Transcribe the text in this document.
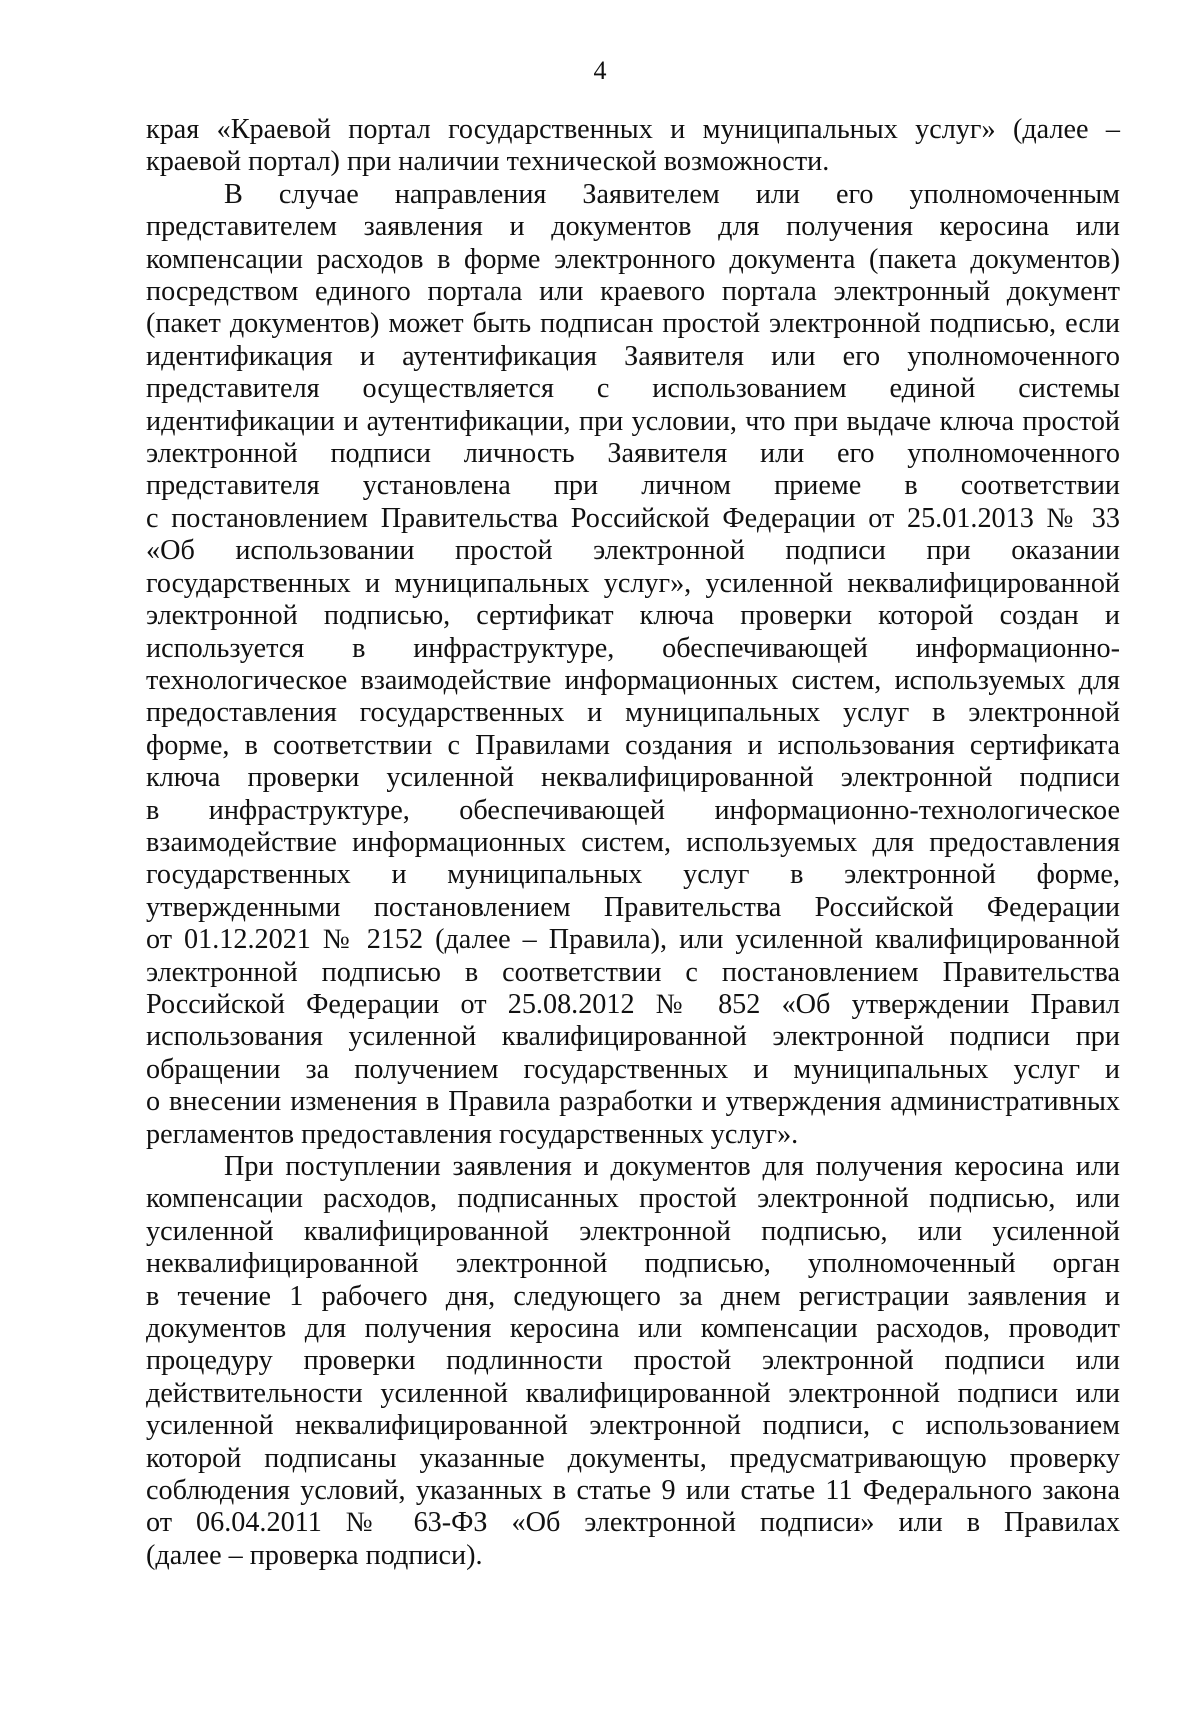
4
края «Краевой портал государственных и муниципальных услуг» (далее –
краевой портал) при наличии технической возможности.
В случае направления Заявителем или его уполномоченным
представителем заявления и документов для получения керосина или
компенсации расходов в форме электронного документа (пакета документов)
посредством единого портала или краевого портала электронный документ
(пакет документов) может быть подписан простой электронной подписью, если
идентификация и аутентификация Заявителя или его уполномоченного
представителя осуществляется с использованием единой системы
идентификации и аутентификации, при условии, что при выдаче ключа простой
электронной подписи личность Заявителя или его уполномоченного
представителя установлена при личном приеме в соответствии
с постановлением Правительства Российской Федерации от 25.01.2013 № 33
«Об использовании простой электронной подписи при оказании
государственных и муниципальных услуг», усиленной неквалифицированной
электронной подписью, сертификат ключа проверки которой создан и
используется в инфраструктуре, обеспечивающей информационно-
технологическое взаимодействие информационных систем, используемых для
предоставления государственных и муниципальных услуг в электронной
форме, в соответствии с Правилами создания и использования сертификата
ключа проверки усиленной неквалифицированной электронной подписи
в инфраструктуре, обеспечивающей информационно-технологическое
взаимодействие информационных систем, используемых для предоставления
государственных и муниципальных услуг в электронной форме,
утвержденными постановлением Правительства Российской Федерации
от 01.12.2021 № 2152 (далее – Правила), или усиленной квалифицированной
электронной подписью в соответствии с постановлением Правительства
Российской Федерации от 25.08.2012 № 852 «Об утверждении Правил
использования усиленной квалифицированной электронной подписи при
обращении за получением государственных и муниципальных услуг и
о внесении изменения в Правила разработки и утверждения административных
регламентов предоставления государственных услуг».
При поступлении заявления и документов для получения керосина или
компенсации расходов, подписанных простой электронной подписью, или
усиленной квалифицированной электронной подписью, или усиленной
неквалифицированной электронной подписью, уполномоченный орган
в течение 1 рабочего дня, следующего за днем регистрации заявления и
документов для получения керосина или компенсации расходов, проводит
процедуру проверки подлинности простой электронной подписи или
действительности усиленной квалифицированной электронной подписи или
усиленной неквалифицированной электронной подписи, с использованием
которой подписаны указанные документы, предусматривающую проверку
соблюдения условий, указанных в статье 9 или статье 11 Федерального закона
от 06.04.2011 № 63-ФЗ «Об электронной подписи» или в Правилах
(далее – проверка подписи).
